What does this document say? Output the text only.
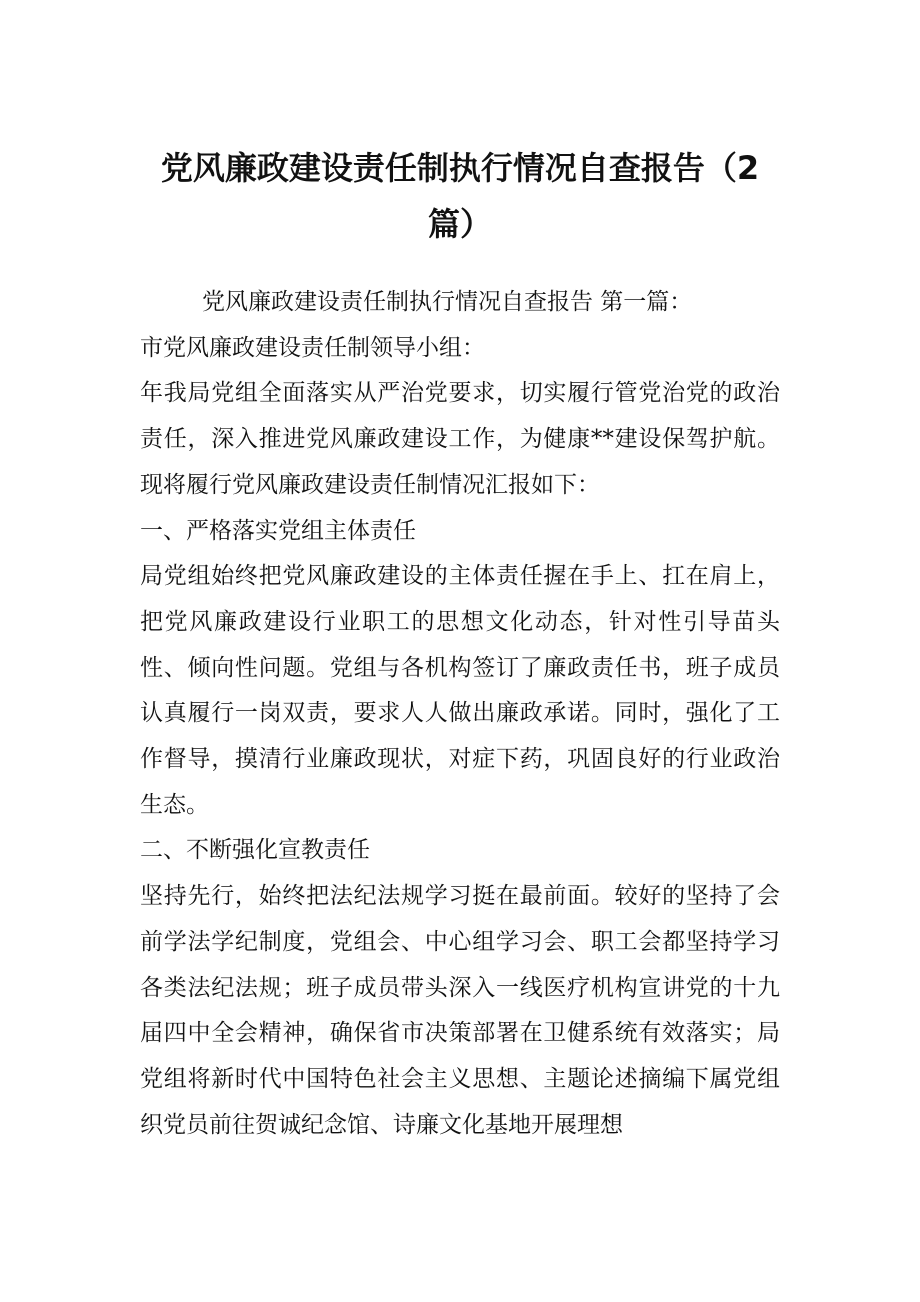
党风廉政建设责任制执行情况自查报告（2篇）

党风廉政建设责任制执行情况自查报告 第一篇：

市党风廉政建设责任制领导小组：

年我局党组全面落实从严治党要求，切实履行管党治党的政治责任，深入推进党风廉政建设工作，为健康**建设保驾护航。现将履行党风廉政建设责任制情况汇报如下：

一、严格落实党组主体责任

局党组始终把党风廉政建设的主体责任握在手上、扛在肩上，把党风廉政建设行业职工的思想文化动态，针对性引导苗头性、倾向性问题。党组与各机构签订了廉政责任书，班子成员认真履行一岗双责，要求人人做出廉政承诺。同时，强化了工作督导，摸清行业廉政现状，对症下药，巩固良好的行业政治生态。

二、不断强化宣教责任

坚持先行，始终把法纪法规学习挺在最前面。较好的坚持了会前学法学纪制度，党组会、中心组学习会、职工会都坚持学习各类法纪法规；班子成员带头深入一线医疗机构宣讲党的十九届四中全会精神，确保省市决策部署在卫健系统有效落实；局党组将新时代中国特色社会主义思想、主题论述摘编下属党组织党员前往贺诚纪念馆、诗廉文化基地开展理想
